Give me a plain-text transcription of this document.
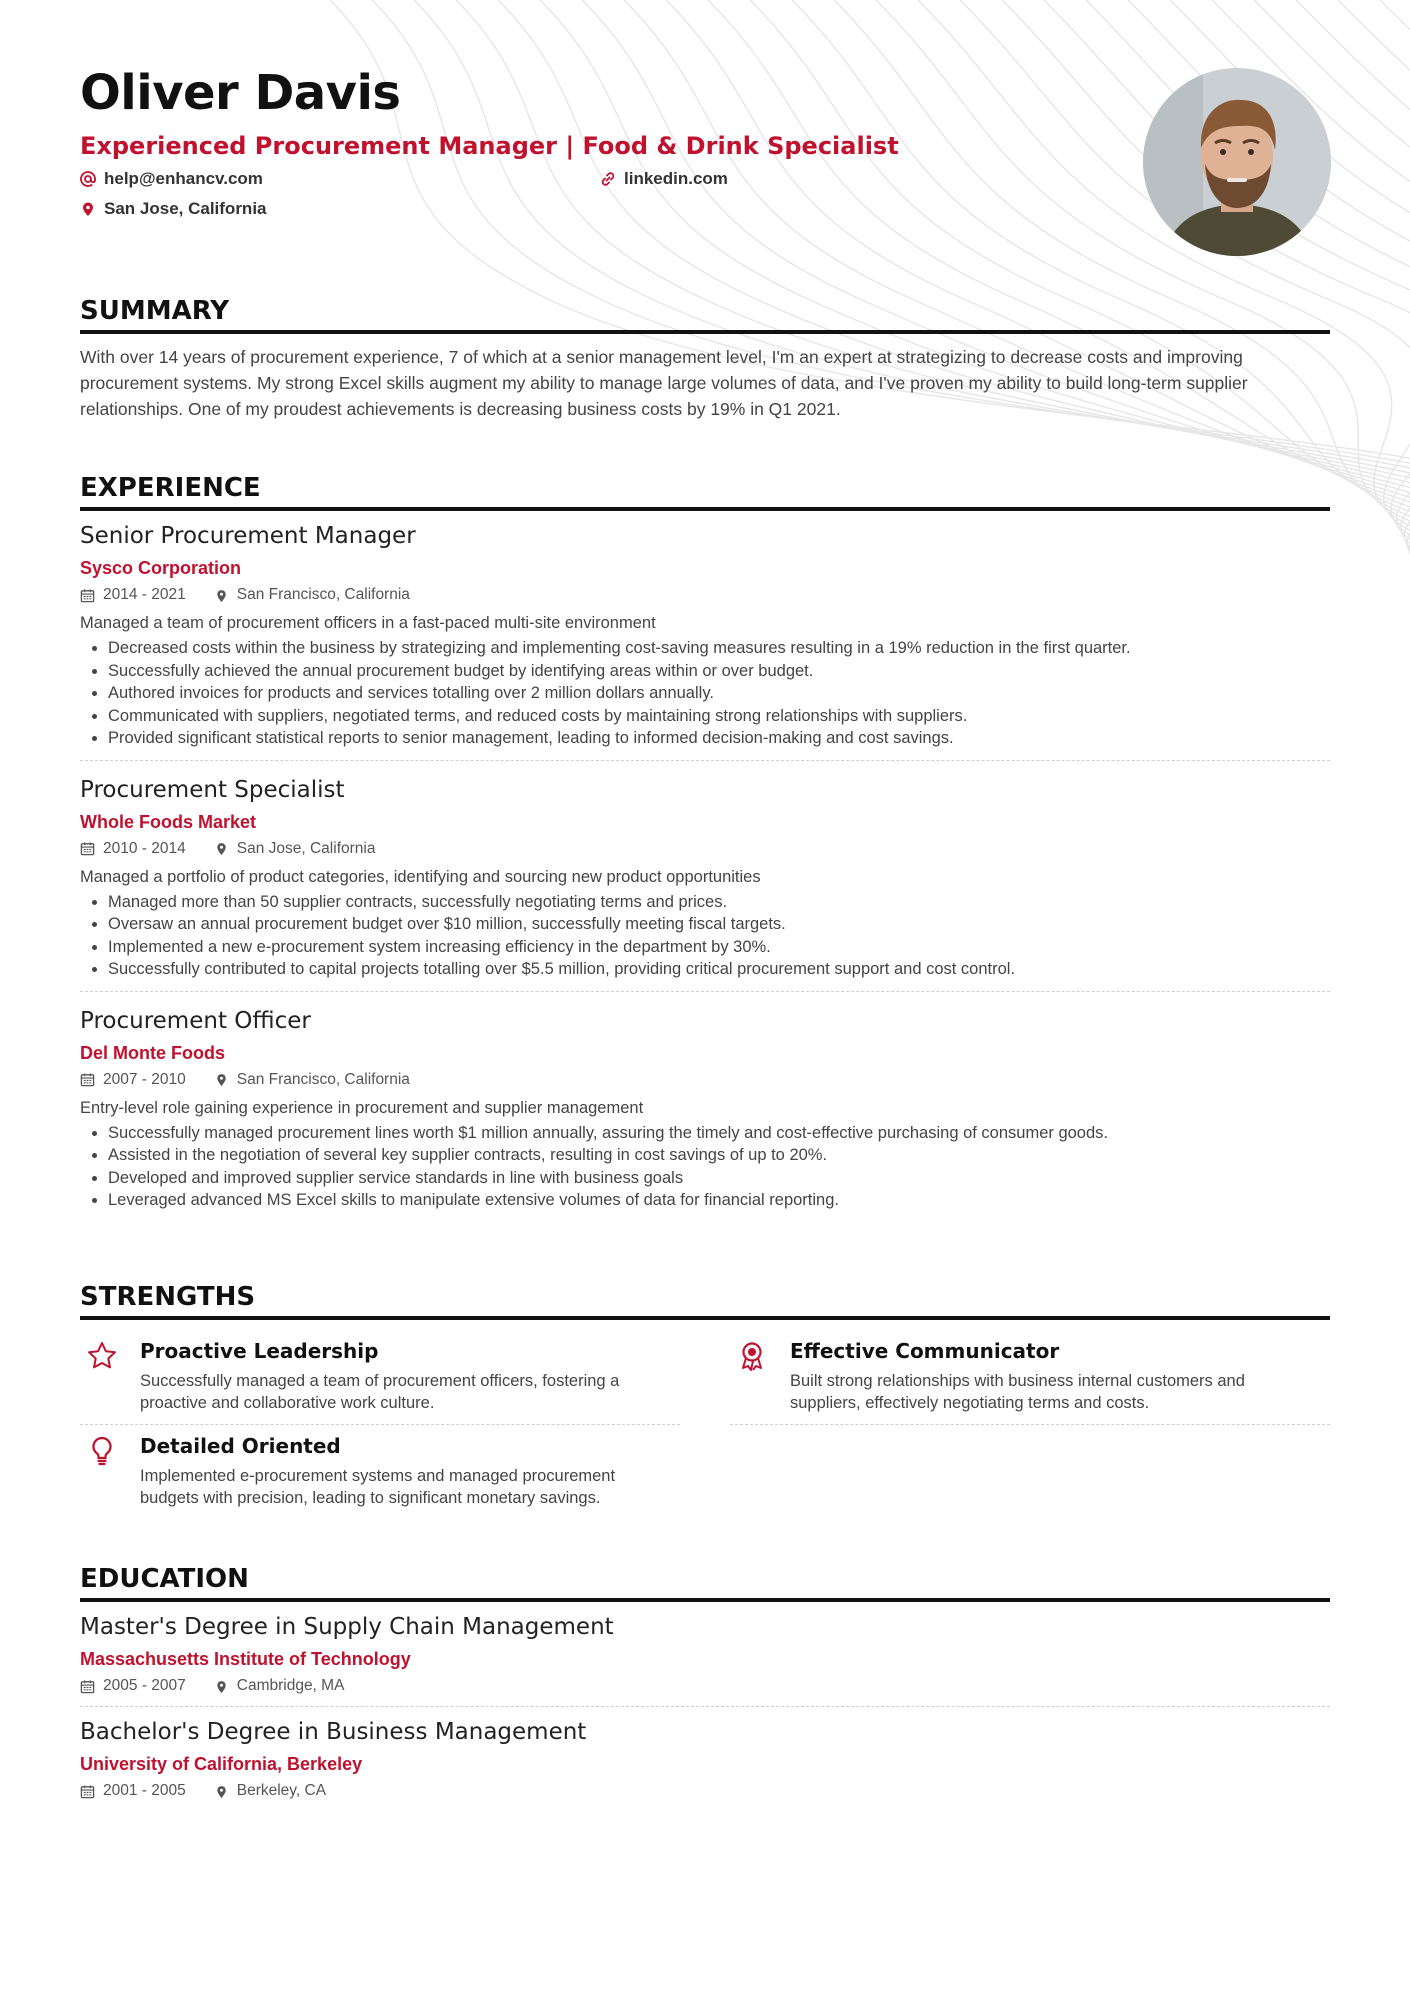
Oliver Davis
Experienced Procurement Manager | Food & Drink Specialist
help@enhancv.com	linkedin.com
San Jose, California
SUMMARY
With over 14 years of procurement experience, 7 of which at a senior management level, I'm an expert at strategizing to decrease costs and improving procurement systems. My strong Excel skills augment my ability to manage large volumes of data, and I've proven my ability to build long-term supplier relationships. One of my proudest achievements is decreasing business costs by 19% in Q1 2021.
EXPERIENCE
Senior Procurement Manager
Sysco Corporation
2014 - 2021	San Francisco, California
Managed a team of procurement officers in a fast-paced multi-site environment
• Decreased costs within the business by strategizing and implementing cost-saving measures resulting in a 19% reduction in the first quarter.
• Successfully achieved the annual procurement budget by identifying areas within or over budget.
• Authored invoices for products and services totalling over 2 million dollars annually.
• Communicated with suppliers, negotiated terms, and reduced costs by maintaining strong relationships with suppliers.
• Provided significant statistical reports to senior management, leading to informed decision-making and cost savings.
Procurement Specialist
Whole Foods Market
2010 - 2014	San Jose, California
Managed a portfolio of product categories, identifying and sourcing new product opportunities
• Managed more than 50 supplier contracts, successfully negotiating terms and prices.
• Oversaw an annual procurement budget over $10 million, successfully meeting fiscal targets.
• Implemented a new e-procurement system increasing efficiency in the department by 30%.
• Successfully contributed to capital projects totalling over $5.5 million, providing critical procurement support and cost control.
Procurement Officer
Del Monte Foods
2007 - 2010	San Francisco, California
Entry-level role gaining experience in procurement and supplier management
• Successfully managed procurement lines worth $1 million annually, assuring the timely and cost-effective purchasing of consumer goods.
• Assisted in the negotiation of several key supplier contracts, resulting in cost savings of up to 20%.
• Developed and improved supplier service standards in line with business goals
• Leveraged advanced MS Excel skills to manipulate extensive volumes of data for financial reporting.
STRENGTHS
Proactive Leadership
Successfully managed a team of procurement officers, fostering a proactive and collaborative work culture.
Effective Communicator
Built strong relationships with business internal customers and suppliers, effectively negotiating terms and costs.
Detailed Oriented
Implemented e-procurement systems and managed procurement budgets with precision, leading to significant monetary savings.
EDUCATION
Master's Degree in Supply Chain Management
Massachusetts Institute of Technology
2005 - 2007	Cambridge, MA
Bachelor's Degree in Business Management
University of California, Berkeley
2001 - 2005	Berkeley, CA
